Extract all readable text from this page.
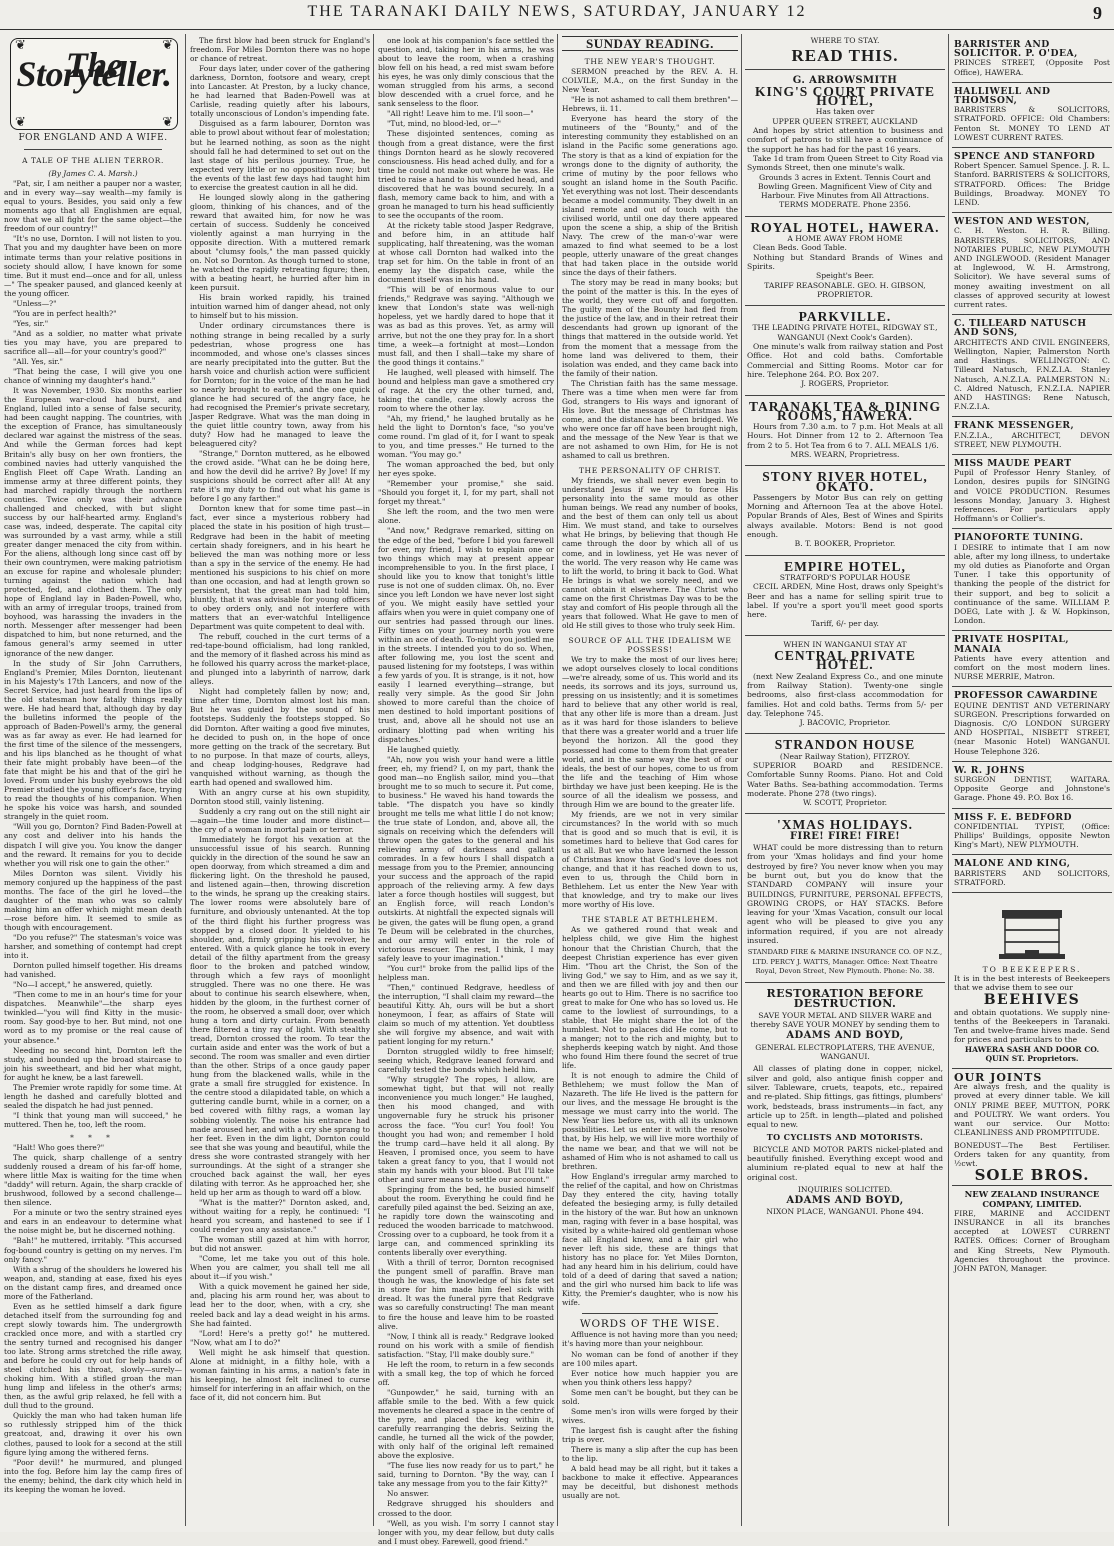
THE TARANAKI DAILY NEWS, SATURDAY, JANUARY 12	9
❦	❦
❦	❦
The Storyteller.

FOR ENGLAND AND A WIFE.

A TALE OF THE ALIEN TERROR.

(By James C. A. Marsh.)

"Pat, sir, I am neither a pauper nor a waster, and in every way—say wealth—my family is equal to yours. Besides, you said only a few moments ago that all Englishmen are equal, now that we all fight for the same object—the freedom of our country!"

"It's no use, Dornton. I will not listen to you. That you and my daughter have been on more intimate terms than your relative positions in society should allow, I have known for some time. But it must end—once and for all, unless—" The speaker paused, and glanced keenly at the young officer.

"Unless—?"

"You are in perfect health?"

"Yes, sir."

"And as a soldier, no matter what private ties you may have, you are prepared to sacrifice all—all—for your country's good?"

"All. Yes, sir."

"That being the case, I will give you one chance of winning my daughter's hand."

It was November, 1930. Six months earlier the European war-cloud had burst, and England, lulled into a sense of false security, had been caught napping. The countries, with the exception of France, has simultaneously declared war against the mistress of the seas. And while the German forces had kept Britain's ally busy on her own frontiers, the combined navies had utterly vanquished the English Fleet off Cape Wrath. Landing an immense army at three different points, they had marched rapidly through the northern counties. Twice only was their advance challenged and checked, with but slight success by our half-hearted army. England's case was, indeed, desperate. The capital city was surrounded by a vast army, while a still greater danger menaced the city from within. For the aliens, although long since cast off by their own countrymen, were making patriotism an excuse for rapine and wholesale plunder; turning against the nation which had protected, fed, and clothed them. The only hope of England lay in Baden-Powell, who, with an army of irregular troops, trained from boyhood, was harassing the invaders in the north. Messenger after messenger had been dispatched to him, but none returned, and the famous general's army seemed in utter ignorance of the new danger.

In the study of Sir John Carruthers, England's Premier, Miles Dornton, lieutenant in his Majesty's 17th Lancers, and now of the Secret Service, had just heard from the lips of the old statesman how fatally things really were. He had heard that, although day by day the bulletins informed the people of the approach of Baden-Powell's army, the general was as far away as ever. He had learned for the first time of the silence of the messengers, and his lips blanched as he thought of what their fate might probably have been—of the fate that might be his and that of the girl he loved. From under his bushy eyebrows the old Premier studied the young officer's face, trying to read the thoughts of his companion. When he spoke his voice was harsh, and sounded strangely in the quiet room.

"Will you go, Dornton? Find Baden-Powell at any cost and deliver into his hands the dispatch I will give you. You know the danger and the reward. It remains for you to decide whether you will risk one to gain the other."

Miles Dornton was silent. Vividly his memory conjured up the happiness of the past months. The face of the girl he loved—the daughter of the man who was so calmly making him an offer which might mean death—rose before him. It seemed to smile as though with encouragement.

"Do you refuse?" The statesman's voice was harsher, and something of contempt had crept into it.

Dornton pulled himself together. His dreams had vanished.

"No—I accept," he answered, quietly.

"Then come to me in an hour's time for your dispatches. Meanwhile"—the sharp eyes twinkled—"you will find Kitty in the music-room. Say good-bye to her. But mind, not one word as to my promise or the real cause of your absence."

Needing no second hint, Dornton left the study, and bounded up the broad staircase to join his sweetheart, and bid her what might, for aught he knew, be a last farewell.

The Premier wrote rapidly for some time. At length he dashed and carefully blotted and sealed the dispatch he had just penned.

"I think that young man will succeed," he muttered. Then he, too, left the room.

* * *

"Halt! Who goes there?"

The quick, sharp challenge of a sentry suddenly roused a dream of his far-off home, where little Max is waiting for the time when "daddy" will return. Again, the sharp crackle of brushwood, followed by a second challenge—then silence.

For a minute or two the sentry strained eyes and ears in an endeavour to determine what the noise might be, but he discerned nothing.

"Bah!" he muttered, irritably. "This accursed fog-bound country is getting on my nerves. I'm only fancy."

With a shrug of the shoulders he lowered his weapon, and, standing at ease, fixed his eyes on the distant camp fires, and dreamed once more of the Fatherland.

Even as he settled himself a dark figure detached itself from the surrounding fog and crept slowly towards him. The undergrowth crackled once more, and with a startled cry the sentry turned and recognised his danger too late. Strong arms stretched the rifle away, and before he could cry out for help hands of steel clutched his throat, slowly—surely—choking him. With a stifled groan the man hung limp and lifeless in the other's arms; then, as the awful grip relaxed, he fell with a dull thud to the ground.

Quickly the man who had taken human life so ruthlessly stripped him of the thick greatcoat, and, drawing it over his own clothes, paused to look for a second at the still figure lying among the withered ferns.

"Poor devil!" he murmured, and plunged into the fog. Before him lay the camp fires of the enemy; behind, the dark city which held in its keeping the woman he loved.

The first blow had been struck for England's freedom. For Miles Dornton there was no hope or chance of retreat.

Four days later, under cover of the gathering darkness, Dornton, footsore and weary, crept into Lancaster. At Preston, by a lucky chance, he had learned that Baden-Powell was at Carlisle, reading quietly after his labours, totally unconscious of London's impending fate.

Disguised as a farm labourer, Dornton was able to prowl about without fear of molestation; but he learned nothing, as soon as the night should fall he had determined to set out on the last stage of his perilous journey. True, he expected very little or no opposition now; but the events of the last few days had taught him to exercise the greatest caution in all he did.

He lounged slowly along in the gathering gloom, thinking of his chances, and of the reward that awaited him, for now he was certain of success. Suddenly he conceived violently against a man hurrying in the opposite direction. With a muttered remark about "clumsy fools," the man passed quickly on. Not so Dornton. As though turned to stone, he watched the rapidly retreating figure; then, with a beating heart, he hurried after him in keen pursuit.

His brain worked rapidly, his trained intuition warned him of danger ahead, not only to himself but to his mission.

Under ordinary circumstances there is nothing strange in being recalled by a surly pedestrian, whose progress one has incommoded, and whose one's classes sinces are nearly precipitated into the gutter. But the harsh voice and churlish action were sufficient for Dornton; for in the voice of the man he had so nearly brought to earth, and the one quick glance he had secured of the angry face, he had recognised the Premier's private secretary, Jasper Redgrave. What was the man doing in the quiet little country town, away from his duty? How had he managed to leave the beleaguered city?

"Strange," Dornton muttered, as he elbowed the crowd aside. "What can he be doing here, and how the devil did he arrive? By Jove! If my suspicions should be correct after all! At any rate it's my duty to find out what his game is before I go any farther."

Dornton knew that for some time past—in fact, ever since a mysterious robbery had placed the state in his position of high trust—Redgrave had been in the habit of meeting certain shady foreigners, and in his heart he believed the man was nothing more or less than a spy in the service of the enemy. He had mentioned his suspicions to his chief on more than one occasion, and had at length grown so persistent, that the great man had told him, bluntly, that it was advisable for young officers to obey orders only, and not interfere with matters that an ever-watchful Intelligence Department was quite competent to deal with.

The rebuff, couched in the curt terms of a red-tape-bound officialism, had long rankled, and the memory of it flashed across his mind as he followed his quarry across the market-place, and plunged into a labyrinth of narrow, dark alleys.

Night had completely fallen by now; and, time after time, Dornton almost lost his man. But he was guided by the sound of his footsteps. Suddenly the footsteps stopped. So did Dornton. After waiting a good five minutes, he decided to push on, in the hope of once more getting on the track of the secretary. But to no purpose. In that maze of courts, alleys, and cheap lodging-houses, Redgrave had vanquished without warning, as though the earth had opened and swallowed him.

With an angry curse at his own stupidity, Dornton stood still, vainly listening.

Suddenly a cry rang out on the still night air—again—the time louder and more distinct—the cry of a woman in mortal pain or terror.

Immediately he forgot his vexation at the unsuccessful issue of his search. Running quickly in the direction of the sound he saw an open doorway, from which streamed a dim and flickering light. On the threshold he paused, and listened again—then, throwing discretion to the winds, he sprang up the creaking stairs. The lower rooms were absolutely bare of furniture, and obviously untenanted. At the top of the third flight his further progress was stopped by a closed door. It yielded to his shoulder, and, firmly gripping his revolver, he entered. With a quick glance he took in every detail of the filthy apartment from the greasy floor to the broken and patched window, through which a few rays of moonlight struggled. There was no one there. He was about to continue his search elsewhere, when, hidden by the gloom, in the furthest corner of the room, he observed a small door, over which hung a torn and dirty curtain. From beneath there filtered a tiny ray of light. With stealthy tread, Dornton crossed the room. To tear the curtain aside and enter was the work of but a second. The room was smaller and even dirtier than the other. Strips of a once gaudy paper hung from the blackened walls, while in the grate a small fire struggled for existence. In the centre stood a dilapidated table, on which a guttering candle burnt, while in a corner, on a bed covered with filthy rags, a woman lay sobbing violently. The noise his entrance had made aroused her, and with a cry she sprang to her feet. Even in the dim light, Dornton could see that she was young and beautiful, while the dress she wore contrasted strangely with her surroundings. At the sight of a stranger she crouched back against the wall, her eyes dilating with terror. As he approached her, she held up her arm as though to ward off a blow.

"What is the matter?" Dornton asked, and, without waiting for a reply, he continued: "I heard you scream, and hastened to see if I could render you any assistance."

The woman still gazed at him with horror, but did not answer.

"Come, let me take you out of this hole. When you are calmer, you shall tell me all about it—if you wish."

With a quick movement he gained her side, and, placing his arm round her, was about to lead her to the door, when, with a cry, she reeled back and lay a dead weight in his arms. She had fainted.

"Lord! Here's a pretty go!" he muttered. "Now, what am I to do?"

Well might he ask himself that question. Alone at midnight, in a filthy hole, with a woman fainting in his arms, a nation's fate in his keeping, he almost felt inclined to curse himself for interfering in an affair which, on the face of it, did not concern him. But

one look at his companion's face settled the question, and, taking her in his arms, he was about to leave the room, when a crashing blow fell on his head, a red mist swam before his eyes, he was only dimly conscious that the woman struggled from his arms, a second blow descended with a cruel force, and he sank senseless to the floor.

"All right! Leave him to me. I'll soon—"

"Tut, mind, no blood-led, or—"

These disjointed sentences, coming as though from a great distance, were the first things Dornton heard as he slowly recovered consciousness. His head ached dully, and for a time he could not make out where he was. He tried to raise a hand to his wounded head, and discovered that he was bound securely. In a flash, memory came back to him, and with a groan he managed to turn his head sufficiently to see the occupants of the room.

At the rickety table stood Jasper Redgrave, and before him, in an attitude half supplicating, half threatening, was the woman at whose call Dornton had walked into the trap set for him. On the table in front of an enemy lay the dispatch case, while the document itself was in his hand.

"This will be of enormous value to our friends," Redgrave was saying. "Although we knew that London's state was well-nigh hopeless, yet we hardly dared to hope that it was as bad as this proves. Yet, as army will arrive, but not the one they pray for. In a short time, a week—a fortnight at most—London must fall, and then I shall—take my share of the good things it contains."

He laughed, well pleased with himself. The bound and helpless man gave a smothered cry of rage. At the cry the other turned, and, taking the candle, came slowly across the room to where the other lay.

"Ah, my friend," he laughed brutally as he held the light to Dornton's face, "so you've come round. I'm glad of it, for I want to speak to you, and time presses." He turned to the woman. "You may go."

The woman approached the bed, but only her eyes spoke.

"Remember your promise," she said. "Should you forget it, I, for my part, shall not forget my threat."

She left the room, and the two men were alone.

"And now," Redgrave remarked, sitting on the edge of the bed, "before I bid you farewell for ever, my friend, I wish to explain one or two things which may at present appear incomprehensible to you. In the first place, I should like you to know that tonight's little ruse is not one of sudden climax. Oh, no. Ever since you left London we have never lost sight of you. We might easily have settled your affairs when you were in quiet company one of our sentries had passed through our lines. Fifty times on your journey north you were within an ace of death. To-night you jostled me in the streets. I intended you to do so. When, after following me, you lost the scent and paused listening for my footsteps, I was within a few yards of you. It is strange, is it not, how easily I learned everything—strange, but really very simple. As the good Sir John showed to more careful than the choice of men destined to hold important positions of trust, and, above all he should not use an ordinary blotting pad when writing his dispatches."

He laughed quietly.

"Ah, now you wish your hand were a little freer, eh, my friend? I, on my part, thank the good man—no English sailor, mind you—that brought me to so much to secure it. Put come, to business." He waved his hand towards the table. "The dispatch you have so kindly brought me tells me what little I do not know; the true state of London, and, above all, the signals on receiving which the defenders will throw open the gates to the general and his relieving army of darkness and gallant comrades. In a few hours I shall dispatch a message from you to the Premier, announcing your success and the approach of the rapid approach of the relieving army. A few days later a force though hostiles will suggest, but an English force, will reach London's outskirts. At nightfall the expected signals will be given, the gates will be flung open, a grand Te Deum will be celebrated in the churches, and our army will enter in the role of victorious rescuer. The rest, I think, I may safely leave to your imagination."

"You cur!" broke from the pallid lips of the helpless man.

"Then," continued Redgrave, heedless of the interruption, "I shall claim my reward—the beautiful Kitty. Ah, ours will be but a short honeymoon, I fear, as affairs of State will claim so much of my attention. Yet doubtless she will forgive my absence, and wait with patient longing for my return."

Dornton struggled wildly to free himself; seeing which, Redgrave leaned forward and carefully tested the bonds which held him.

"Why struggle? The ropes, I allow, are somewhat tight, but that will not really inconvenience you much longer." He laughed, then his mood changed, and with ungovernable fury he struck his prisoner across the face. "You cur! You fool! You thought you had won; and remember I hold the trump card—have held it all along. By Heaven, I promised once, you seem to have taken a great fancy to you, that I would not stain my hands with your blood. But I'll take other and surer means to settle our account."

Springing from the bed, he busied himself about the room. Everything he could find he carefully piled against the bed. Seizing an axe, he rapidly tore down the wainscoting and reduced the wooden barricade to matchwood. Crossing over to a cupboard, he took from it a large can, and commenced sprinkling its contents liberally over everything.

With a thrill of terror, Dornton recognised the pungent smell of paraffin. Brave man though he was, the knowledge of his fate set in store for him made him feel sick with dread. It was the funeral pyre that Redgrave was so carefully constructing! The man meant to fire the house and leave him to be roasted alive.

"Now, I think all is ready." Redgrave looked round on his work with a smile of fiendish satisfaction. "Stay, I'll make doubly sure."

He left the room, to return in a few seconds with a small keg, the top of which he forced off.

"Gunpowder," he said, turning with an affable smile to the bed. With a few quick movements he cleared a space in the centre of the pyre, and placed the keg within it, carefully rearranging the debris. Seizing the candle, he turned all the wick of the powder, with only half of the original left remained above the explosive.

"The fuse lies now ready for us to part," he said, turning to Dornton. "By the way, can I take any message from you to the fair Kitty?"

No answer.

Redgrave shrugged his shoulders and crossed to the door.

"Well, as you wish. I'm sorry I cannot stay longer with you, my dear fellow, but duty calls and I must obey. Farewell, good friend."

SUNDAY READING.

THE NEW YEAR'S THOUGHT.

SERMON preached by the REV. A. H. COLVILE, M.A., on the first Sunday in the New Year.

"He is not ashamed to call them brethren"—Hebrews, ii. 11.

Everyone has heard the story of the mutineers of the "Bounty," and of the interesting community they established on an island in the Pacific some generations ago. The story is that as a kind of expiation for the wrongs done to the dignity of authority, the crime of mutiny by the poor fellows who sought an island home in the South Pacific. Yet everything was not lost. Their descendants became a model community. They dwelt in an island remote and out of touch with the civilised world, until one day there appeared upon the scene a ship, a ship of the British Navy. The crew of the man-o'-war were amazed to find what seemed to be a lost people, utterly unaware of the great changes that had taken place in the outside world since the days of their fathers.

The story may be read in many books; but the point of the matter is this. In the eyes of the world, they were cut off and forgotten. The guilty men of the Bounty had fled from the justice of the law, and in their retreat their descendants had grown up ignorant of the things that mattered in the outside world. Yet from the moment that a message from the home land was delivered to them, their isolation was ended, and they came back into the family of their nation.

The Christian faith has the same message. There was a time when men were far from God, strangers to His ways and ignorant of His love. But the message of Christmas has come, and the distance has been bridged. We who were once far off have been brought nigh, and the message of the New Year is that we are not ashamed to own Him, for He is not ashamed to call us brethren.

THE PERSONALITY OF CHRIST.

My friends, we shall never even begin to understand Jesus if we try to force His personality into the same mould as other human beings. We read any number of books, and the best of them can only tell us about Him. We must stand, and take to ourselves what He brings, by believing that though He came through the door by which all of us come, and in lowliness, yet He was never of the world. The very reason why He came was to lift the world, to bring it back to God. What He brings is what we sorely need, and we cannot obtain it elsewhere. The Christ who came on the first Christmas Day was to be the stay and comfort of His people through all the years that followed. What He gave to men of old He still gives to those who truly seek Him.

SOURCE OF ALL THE IDEALISM WE POSSESS!

We try to make the most of our lives here; we adopt ourselves closely to local conditions—we're already, some of us. This world and its needs, its sorrows and its joys, surround us, pressing on us insistently; and it is sometimes hard to believe that any other world is real, that any other life is more than a dream. Just as it was hard for those islanders to believe that there was a greater world and a truer life beyond the horizon. All the good they possessed had come to them from that greater world, and in the same way the best of our ideals, the best of our hopes, come to us from the life and the teaching of Him whose birthday we have just been keeping. He is the source of all the idealism we possess, and through Him we are bound to the greater life.

My friends, are we not in very similar circumstances? In the world with so much that is good and so much that is evil, it is sometimes hard to believe that God cares for us at all. But we who have learned the lesson of Christmas know that God's love does not change, and that it has reached down to us, even to us, through the Child born in Bethlehem. Let us enter the New Year with that knowledge, and try to make our lives more worthy of His love.

THE STABLE AT BETHLEHEM.

As we gathered round that weak and helpless child, we give Him the highest honour that the Christian Church, that the deepest Christian experience has ever given Him. "Thou art the Christ, the Son of the living God," we say to Him, and as we say it, and then we are filled with joy and then our hearts go out to Him. There is no sacrifice too great to make for One who has so loved us. He came to the lowliest of surroundings, to a stable, that He might share the lot of the humblest. Not to palaces did He come, but to a manger; not to the rich and mighty, but to shepherds keeping watch by night. And those who found Him there found the secret of true life.

It is not enough to admire the Child of Bethlehem; we must follow the Man of Nazareth. The life He lived is the pattern for our lives, and the message He brought is the message we must carry into the world. The New Year lies before us, with all its unknown possibilities. Let us enter it with the resolve that, by His help, we will live more worthily of the name we bear, and that we will not be ashamed of Him who is not ashamed to call us brethren.

How England's irregular army marched to the relief of the capital, and how on Christmas Day they entered the city, having totally defeated the besieging army, is fully detailed in the history of the war. But how an unknown man, raging with fever in a base hospital, was visited by a white-haired old gentleman whose face all England knew, and a fair girl who never left his side, these are things that history has no place for. Yet Miles Dornton, had any heard him in his delirium, could have told of a deed of daring that saved a nation; and the girl who nursed him back to life was Kitty, the Premier's daughter, who is now his wife.

WORDS OF THE WISE.

Affluence is not having more than you need; it's having more than your neighbour.

No woman can be fond of another if they are 100 miles apart.

Ever notice how much happier you are when you think others less happy?

Some men can't be bought, but they can be sold.

Some men's iron wills were forged by their wives.

The largest fish is caught after the fishing trip is over.

There is many a slip after the cup has been to the lip.

A bald head may be all right, but it takes a backbone to make it effective. Appearances may be deceitful, but dishonest methods usually are not.

WHERE TO STAY.
READ THIS.
G. ARROWSMITH
KING'S COURT PRIVATE HOTEL,
Has taken over
UPPER QUEEN STREET, AUCKLAND
And hopes by strict attention to business and comfort of patrons to still have a continuance of the support he has had for the past 16 years.
Take 1d tram from Queen Street to City Road via Symonds Street, then one minute's walk.
Grounds 3 acres in Extent. Tennis Court and Bowling Green. Magnificent View of City and Harbour. Five Minutes from All Attractions. TERMS MODERATE. Phone 2356.
ROYAL HOTEL, HAWERA.
A HOME AWAY FROM HOME
Clean Beds. Good Table.
Nothing but Standard Brands of Wines and Spirits.
Speight's Beer.
TARIFF REASONABLE. GEO. H. GIBSON, PROPRIETOR.
PARKVILLE.
THE LEADING PRIVATE HOTEL, RIDGWAY ST., WANGANUI (Next Cook's Garden).
One minute's walk from railway station and Post Office. Hot and cold baths. Comfortable Commercial and Sitting Rooms. Motor car for hire. Telephone 264. P.O. Box 207.
J. ROGERS, Proprietor.
TARANAKI TEA & DINING ROOMS, HAWERA.
Hours from 7.30 a.m. to 7 p.m. Hot Meals at all Hours. Hot Dinner from 12 to 2. Afternoon Tea from 2 to 5. Hot Tea from 6 to 7. ALL MEALS 1/6.
MRS. WEARN, Proprietress.
STONY RIVER HOTEL, OKATO.
Passengers by Motor Bus can rely on getting Morning and Afternoon Tea at the above Hotel. Popular Brands of Ales, Best of Wines and Spirits always available. Motors: Bend is not good enough.
B. T. BOOKER, Proprietor.
EMPIRE HOTEL,
STRATFORD'S POPULAR HOUSE
CECIL ARDEN, Mine Host, draws only Speight's Beer and has a name for selling spirit true to label. If you're a sport you'll meet good sports here.
Tariff, 6/- per day.
WHEN IN WANGANUI STAY AT
CENTRAL PRIVATE HOTEL.
(next New Zealand Express Co., and one minute from Railway Station). Twenty-one single bedrooms, also first-class accommodation for families. Hot and cold baths. Terms from 5/- per day. Telephone 745.
J. BACOVIC, Proprietor.
STRANDON HOUSE
(Near Railway Station), FITZROY.
SUPERIOR BOARD and RESIDENCE. Comfortable Sunny Rooms. Piano. Hot and Cold Water Baths. Sea-bathing accommodation. Terms moderate. Phone 278 (two rings).
W. SCOTT, Proprietor.
'XMAS HOLIDAYS.
FIRE! FIRE! FIRE!
WHAT could be more distressing than to return from your 'Xmas holidays and find your home destroyed by fire? You never know when you may be burnt out, but you do know that the STANDARD COMPANY will insure your BUILDINGS, FURNITURE, PERSONAL EFFECTS, GROWING CROPS, or HAY STACKS. Before leaving for your 'Xmas Vacation, consult our local agent who will be pleased to give you any information required, if you are not already insured.
STANDARD FIRE & MARINE INSURANCE CO. OF N.Z., LTD. PERCY J. WATTS, Manager. Office: Next Theatre Royal, Devon Street, New Plymouth. Phone: No. 38.
RESTORATION BEFORE DESTRUCTION.
SAVE YOUR METAL AND SILVER WARE and thereby SAVE YOUR MONEY by sending them to
ADAMS AND BOYD,
GENERAL ELECTROPLATERS, THE AVENUE, WANGANUI.
All classes of plating done in copper, nickel, silver and gold, also antique finish copper and silver. Tableware, cruets, teapots, etc., repaired and re-plated. Ship fittings, gas fittings, plumbers' work, bedsteads, brass instruments—in fact, any article up to 25ft. in length—plated and polished equal to new.
TO CYCLISTS AND MOTORISTS.
BICYCLE AND MOTOR PARTS nickel-plated and beautifully finished. Everything except wood and aluminium re-plated equal to new at half the original cost.
INQUIRIES SOLICITED.
ADAMS AND BOYD,
NIXON PLACE, WANGANUI. Phone 494.
BARRISTER AND SOLICITOR. P. O'DEA,
PRINCES STREET, (Opposite Post Office), HAWERA.
HALLIWELL AND THOMSON,
BARRISTERS & SOLICITORS, STRATFORD. OFFICE: Old Chambers: Fenton St. MONEY TO LEND AT LOWEST CURRENT RATES.
SPENCE AND STANFORD
Robert Spencer. Samuel Spence. J. R. L. Stanford. BARRISTERS & SOLICITORS, STRATFORD. Offices: The Bridge Buildings, Broadway. MONEY TO LEND.
WESTON AND WESTON,
C. H. Weston. H. R. Billing. BARRISTERS, SOLICITORS, AND NOTARIES PUBLIC, NEW PLYMOUTH AND INGLEWOOD. (Resident Manager at Inglewood, W. H. Armstrong, Solicitor). We have several sums of money awaiting investment on all classes of approved security at lowest current rates.
C. TILLEARD NATUSCH AND SONS,
ARCHITECTS AND CIVIL ENGINEERS, Wellington, Napier, Palmerston North and Hastings. WELLINGTON: C. Tilleard Natusch, F.N.Z.I.A. Stanley Natusch, A.N.Z.I.A. PALMERSTON N.: C. Aldred Natusch, F.N.Z.I.A. NAPIER AND HASTINGS: Rene Natusch, F.N.Z.I.A.
FRANK MESSENGER,
F.N.Z.I.A., ARCHITECT, DEVON STREET, NEW PLYMOUTH.
MISS MAUDE PEART
Pupil of Professor Henry Stanley, of London, desires pupils for SINGING and VOICE PRODUCTION. Resumes lessons Monday, January 3. Highest references. For particulars apply Hoffmann's or Collier's.
PIANOFORTE TUNING.
I DESIRE to intimate that I am now able, after my long illness, to undertake my old duties as Pianoforte and Organ Tuner. I take this opportunity of thanking the people of the district for their support, and beg to solicit a continuance of the same. WILLIAM P. DOEG, Late with J. & W. Hopkinson, London.
PRIVATE HOSPITAL, MANAIA
Patients have every attention and comfort on the most modern lines. NURSE MERRIE, Matron.
PROFESSOR CAWARDINE
EQUINE DENTIST AND VETERINARY SURGEON. Prescriptions forwarded on Diagnosis. C/O LONDON SURGERY AND HOSPITAL, NISBETT STREET, (near Masonic Hotel) WANGANUI. House Telephone 326.
W. R. JOHNS
SURGEON DENTIST, WAITARA. Opposite George and Johnstone's Garage. Phone 49. P.O. Box 16.
MISS F. E. BEDFORD
CONFIDENTIAL TYPIST, (Office: Phillips' Buildings, opposite Newton King's Mart), NEW PLYMOUTH.
MALONE AND KING,
BARRISTERS AND SOLICITORS, STRATFORD.
TO BEEKEEPERS.
It is in the best interests of Beekeepers that we advise them to see our
BEEHIVES
and obtain quotations. We supply nine-tenths of the Beekeepers in Taranaki. Ten and twelve-frame hives made. Send for prices and particulars to the
HAWERA SASH AND DOOR CO. QUIN ST. Proprietors.
OUR JOINTS
Are always fresh, and the quality is proved at every dinner table. We kill ONLY PRIME BEEF, MUTTON, PORK and POULTRY. We want orders. You want our service. Our Motto: CLEANLINESS AND PROMPTITUDE.
BONEDUST—The Best Fertiliser. Orders taken for any quantity, from ½cwt.
SOLE BROS.
NEW ZEALAND INSURANCE COMPANY, LIMITED.
FIRE, MARINE and ACCIDENT INSURANCE in all its branches accepted at LOWEST CURRENT RATES. Offices: Corner of Brougham and King Streets, New Plymouth. Agencies throughout the province. JOHN PATON, Manager.
